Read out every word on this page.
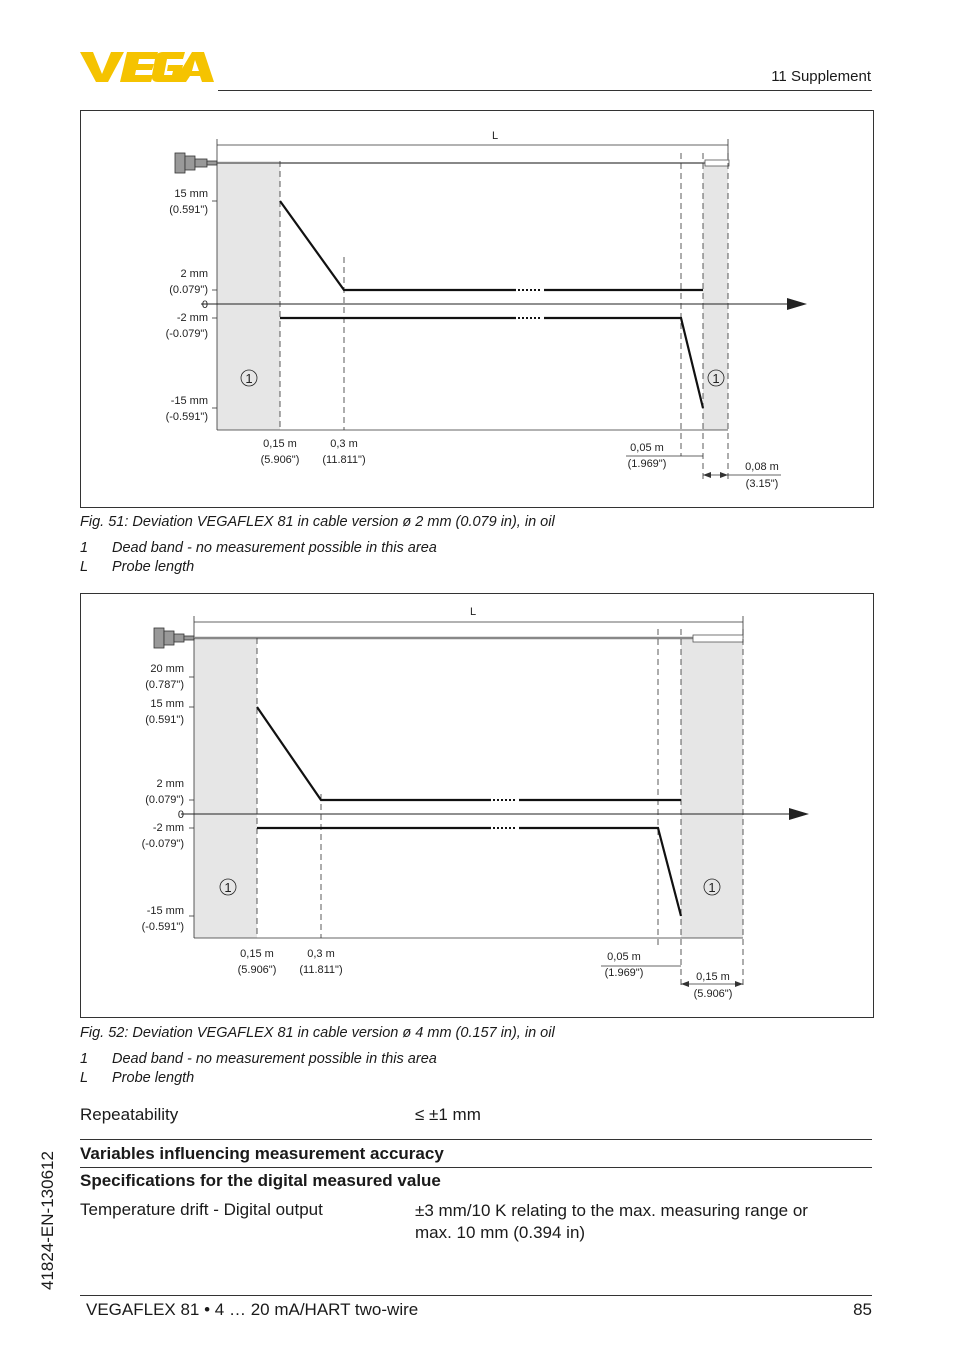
11 Supplement
L
1	1
15 mm
(0.591")
2 mm
(0.079")
0
-2 mm
(-0.079")
-15 mm
(-0.591")
0,15 m
(5.906")
0,3 m
(11.811")
0,05 m
(1.969")	0,08 m
(3.15")
Fig. 51: Deviation VEGAFLEX 81 in cable version ø 2 mm (0.079 in), in oil
1 Dead band - no measurement possible in this area
L Probe length
L
1	1
20 mm
(0.787")
15 mm
(0.591")
2 mm
(0.079")
0
-2 mm
(-0.079")
-15 mm
(-0.591")
0,15 m
(5.906")
0,3 m
(11.811")
0,05 m
(1.969")	0,15 m
(5.906")
Fig. 52: Deviation VEGAFLEX 81 in cable version ø 4 mm (0.157 in), in oil
1 Dead band - no measurement possible in this area
L Probe length
Repeatability	≤ ±1 mm
Variables influencing measurement accuracy
Specifications for the digital measured value
Temperature drift - Digital output	±3 mm/10 K relating to the max. measuring range or
max. 10 mm (0.394 in)
41824-EN-130612
VEGAFLEX 81 • 4 … 20 mA/HART two-wire	85
